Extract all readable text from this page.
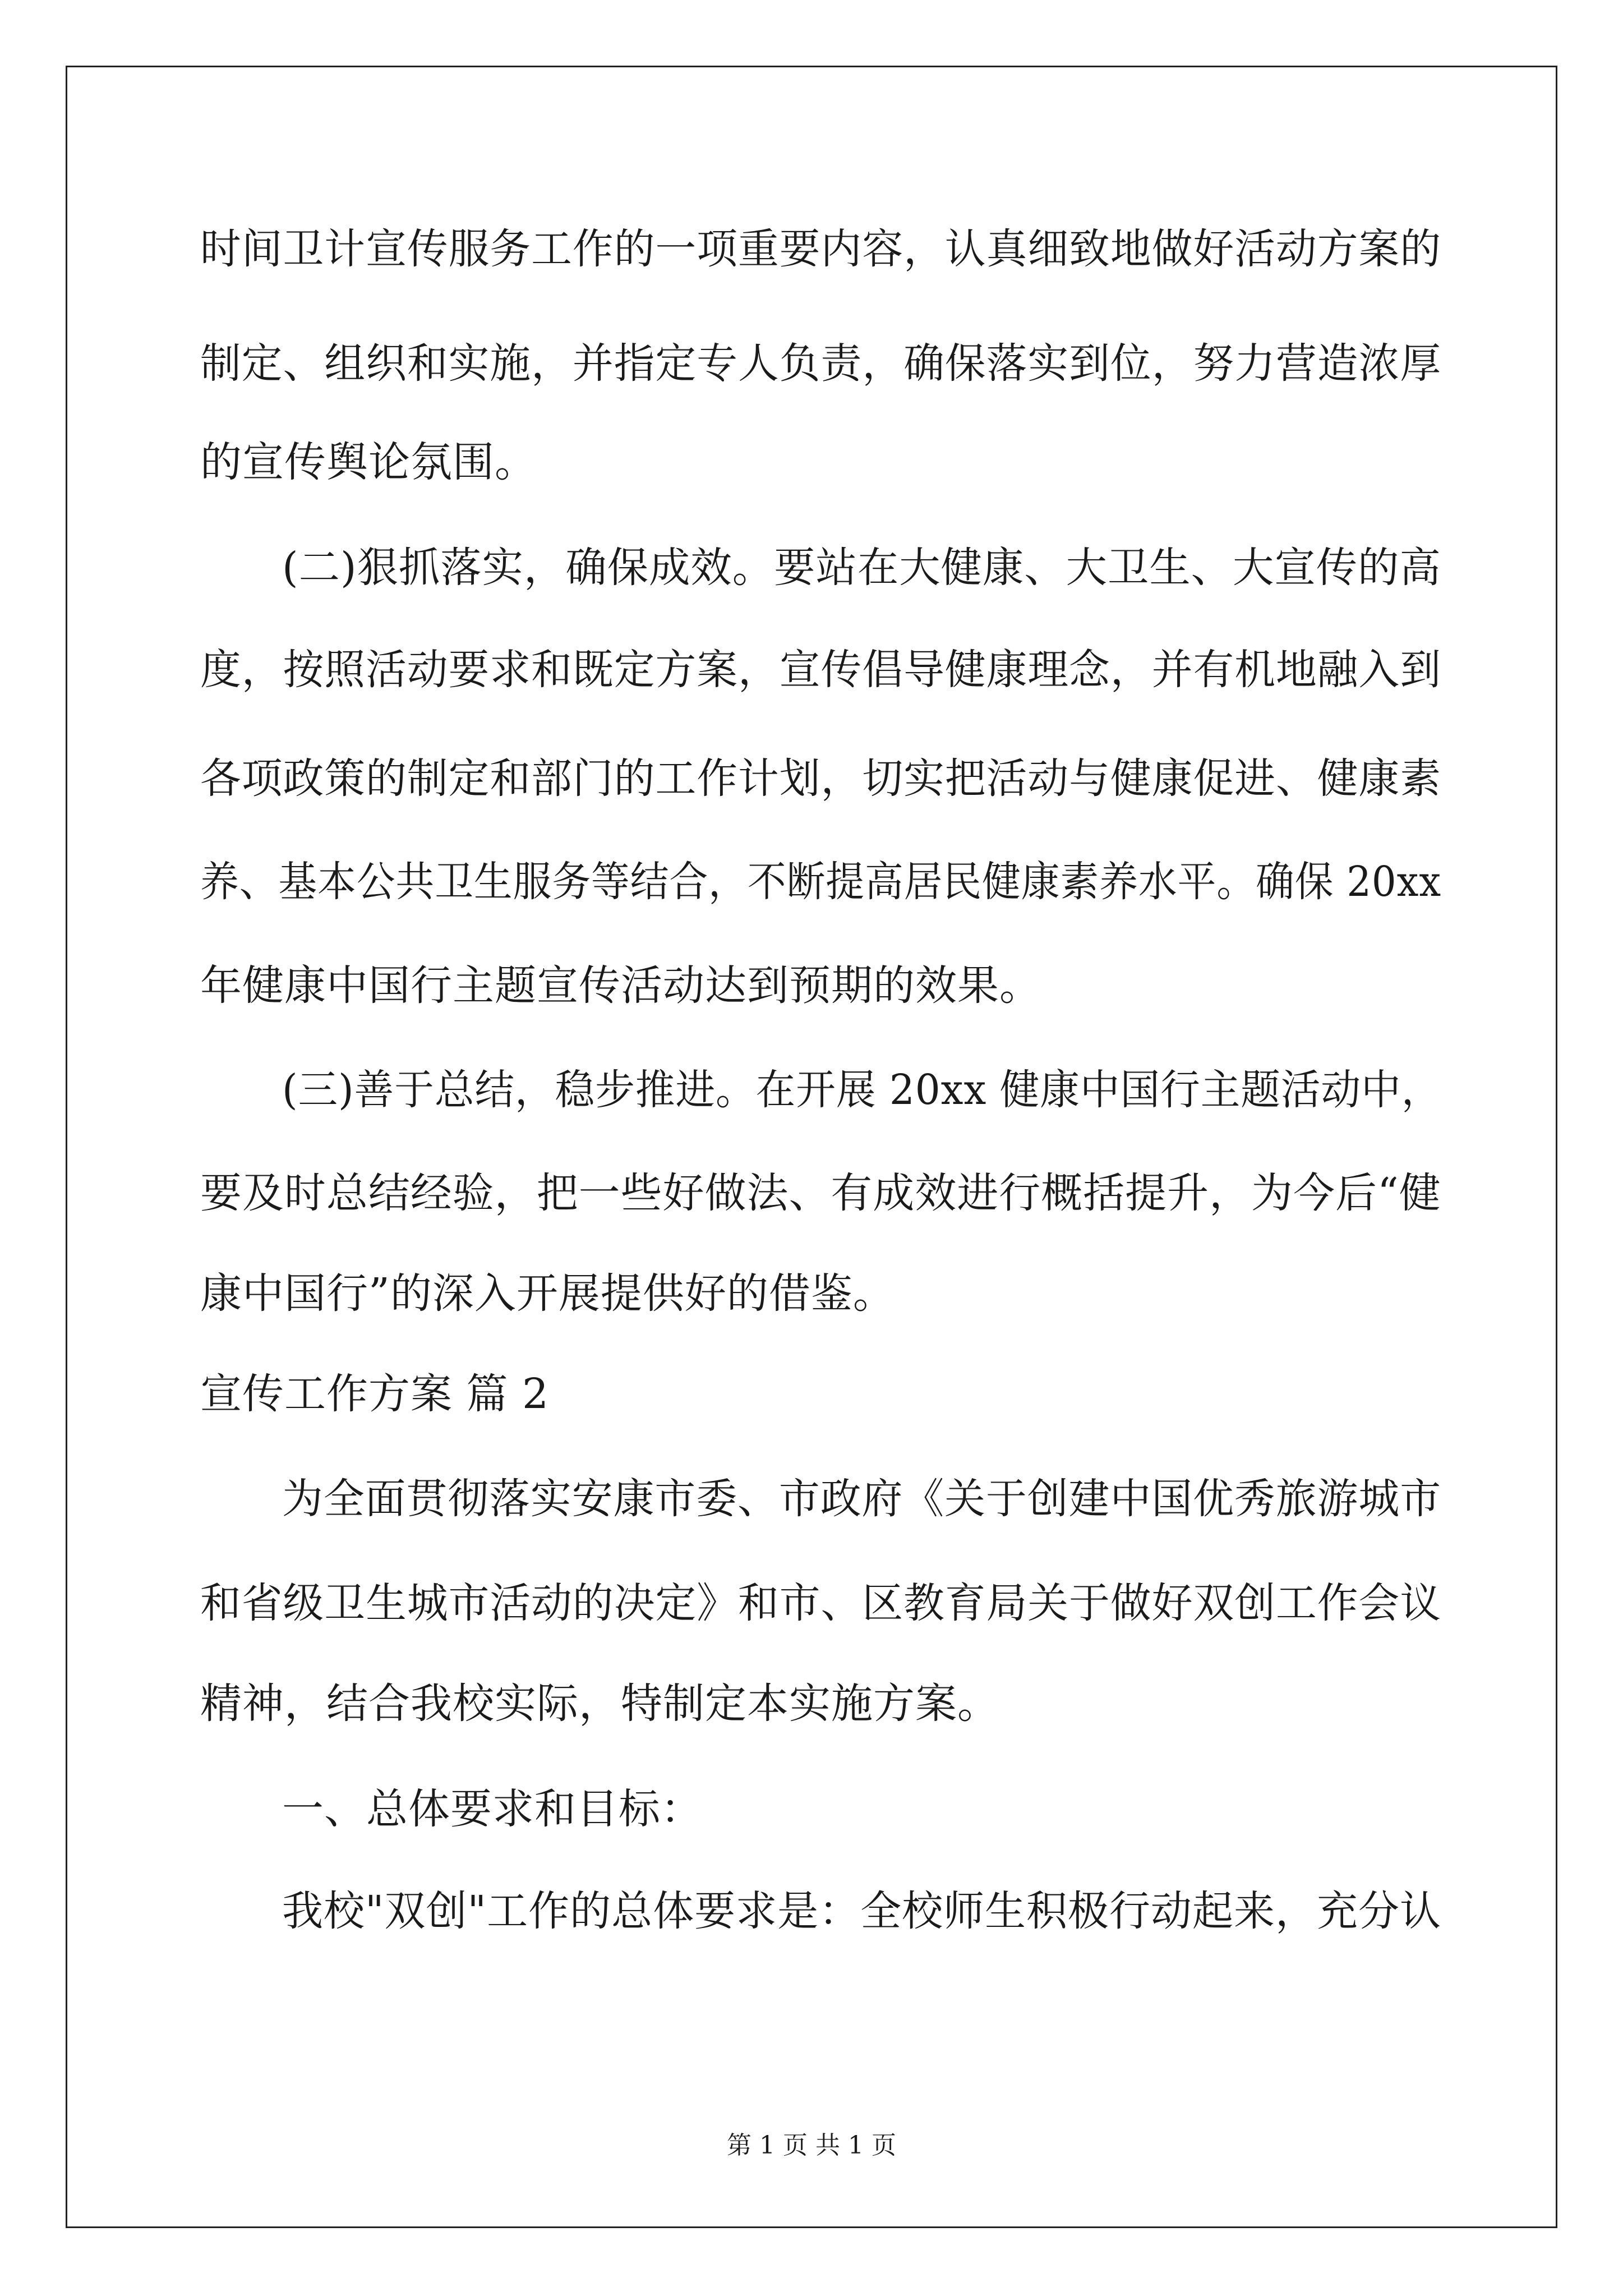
时间卫计宣传服务工作的一项重要内容，认真细致地做好活动方案的
制定、组织和实施，并指定专人负责，确保落实到位，努力营造浓厚
的宣传舆论氛围。
(二)狠抓落实，确保成效。要站在大健康、大卫生、大宣传的高
度，按照活动要求和既定方案，宣传倡导健康理念，并有机地融入到
各项政策的制定和部门的工作计划，切实把活动与健康促进、健康素
养、基本公共卫生服务等结合，不断提高居民健康素养水平。确保 20xx
年健康中国行主题宣传活动达到预期的效果。
(三)善于总结，稳步推进。在开展 20xx 健康中国行主题活动中，
要及时总结经验，把一些好做法、有成效进行概括提升，为今后“健
康中国行”的深入开展提供好的借鉴。
宣传工作方案 篇 2
为全面贯彻落实安康市委、市政府《关于创建中国优秀旅游城市
和省级卫生城市活动的决定》和市、区教育局关于做好双创工作会议
精神，结合我校实际，特制定本实施方案。
一、总体要求和目标：
我校"双创"工作的总体要求是：全校师生积极行动起来，充分认
第 1 页 共 1 页
